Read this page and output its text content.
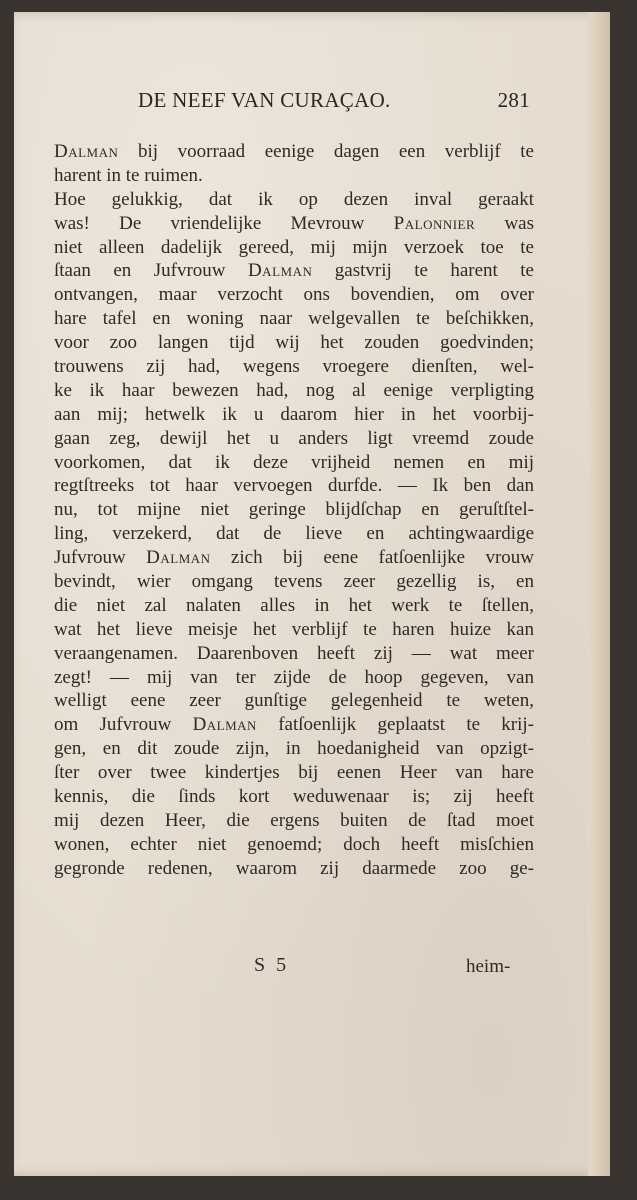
DE NEEF VAN CURAÇAO.	281
Dalman bij voorraad eenige dagen een verblijf te
harent in te ruimen.
Hoe gelukkig, dat ik op dezen inval geraakt
was! De vriendelijke Mevrouw Palonnier was
niet alleen dadelijk gereed, mij mijn verzoek toe te
ſtaan en Jufvrouw Dalman gastvrij te harent te
ontvangen, maar verzocht ons bovendien, om over
hare tafel en woning naar welgevallen te beſchikken,
voor zoo langen tijd wij het zouden goedvinden;
trouwens zij had, wegens vroegere dienſten, wel-
ke ik haar bewezen had, nog al eenige verpligting
aan mij; hetwelk ik u daarom hier in het voorbij-
gaan zeg, dewijl het u anders ligt vreemd zoude
voorkomen, dat ik deze vrijheid nemen en mij
regtſtreeks tot haar vervoegen durfde. — Ik ben dan
nu, tot mijne niet geringe blijdſchap en geruſtſtel-
ling, verzekerd, dat de lieve en achtingwaardige
Jufvrouw Dalman zich bij eene fatſoenlijke vrouw
bevindt, wier omgang tevens zeer gezellig is, en
die niet zal nalaten alles in het werk te ſtellen,
wat het lieve meisje het verblijf te haren huize kan
veraangenamen. Daarenboven heeft zij — wat meer
zegt! — mij van ter zijde de hoop gegeven, van
welligt eene zeer gunſtige gelegenheid te weten,
om Jufvrouw Dalman fatſoenlijk geplaatst te krij-
gen, en dit zoude zijn, in hoedanigheid van opzigt-
ſter over twee kindertjes bij eenen Heer van hare
kennis, die ſinds kort weduwenaar is; zij heeft
mij dezen Heer, die ergens buiten de ſtad moet
wonen, echter niet genoemd; doch heeft misſchien
gegronde redenen, waarom zij daarmede zoo ge-
S 5	heim-
